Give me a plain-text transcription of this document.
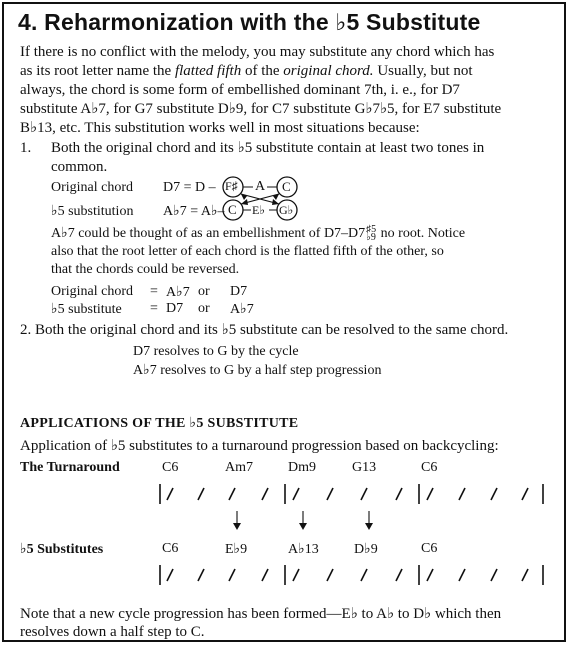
4. Reharmonization with the ♭5 Substitute
If there is no conflict with the melody, you may substitute any chord which has
as its root letter name the flatted fifth of the original chord. Usually, but not
always, the chord is some form of embellished dominant 7th, i. e., for D7
substitute A♭7, for G7 substitute D♭9, for C7 substitute G♭7♭5, for E7 substitute
B♭13, etc. This substitution works well in most situations because:
1. Both the original chord and its ♭5 substitute contain at least two tones in
common.
Original chord D7 = D –
♭5 substitution A♭7 = A♭–
F♯ A C
C E♭ G♭
A♭7 could be thought of as an embellishment of D7–D7 ♯5
♭9 no root. Notice
also that the root letter of each chord is the flatted fifth of the other, so
that the chords could be reversed.
Original chord = A♭7 or D7
♭5 substitute = D7 or A♭7
2. Both the original chord and its ♭5 substitute can be resolved to the same chord.
D7 resolves to G by the cycle
A♭7 resolves to G by a half step progression
APPLICATIONS OF THE ♭5 SUBSTITUTE
Application of ♭5 substitutes to a turnaround progression based on backcycling:
The Turnaround	C6	Am7	Dm9	G13	C6
♭5 Substitutes	C6	E♭9	A♭13	D♭9	C6
Note that a new cycle progression has been formed—E♭ to A♭ to D♭ which then
resolves down a half step to C.
